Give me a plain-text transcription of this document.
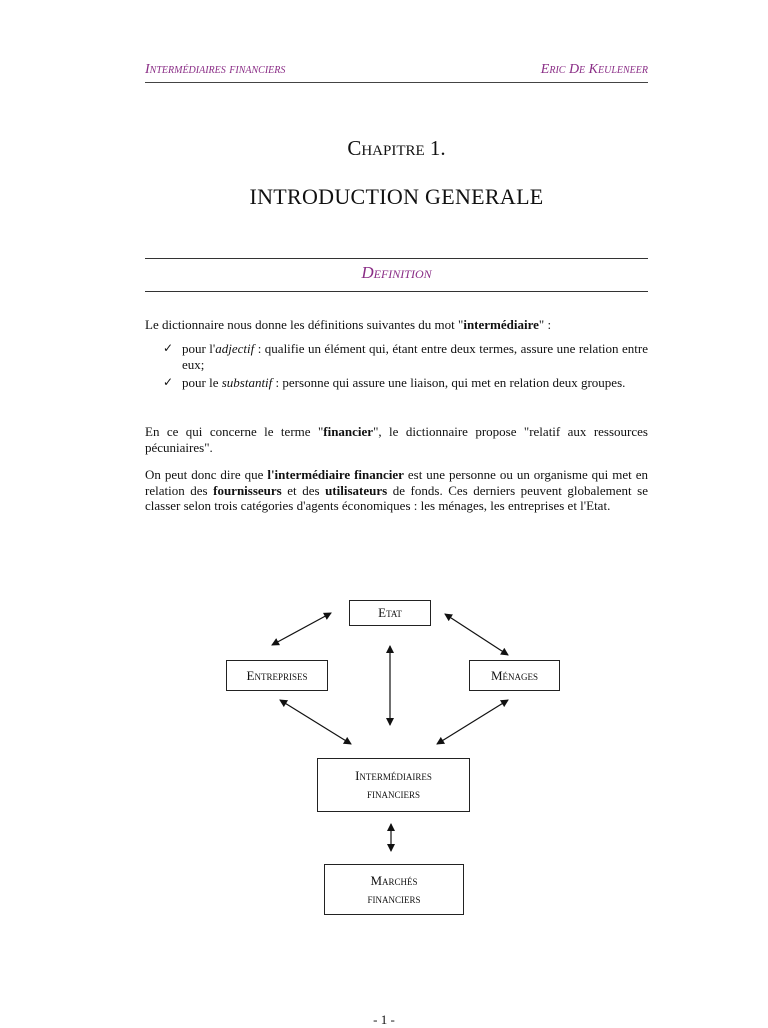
Intermédiaires financiers	Eric De Keuleneer
Chapitre 1.
INTRODUCTION GENERALE
Definition
Le dictionnaire nous donne les définitions suivantes du mot "intermédiaire" :
✓ pour l'adjectif : qualifie un élément qui, étant entre deux termes, assure une relation entre eux;
✓ pour le substantif : personne qui assure une liaison, qui met en relation deux groupes.
En ce qui concerne le terme "financier", le dictionnaire propose "relatif aux ressources pécuniaires".
On peut donc dire que l'intermédiaire financier est une personne ou un organisme qui met en relation des fournisseurs et des utilisateurs de fonds. Ces derniers peuvent globalement se classer selon trois catégories d'agents économiques : les ménages, les entreprises et l'Etat.
Etat
Entreprises	Ménages
Intermédiaires
financiers
Marchés
financiers
- 1 -
